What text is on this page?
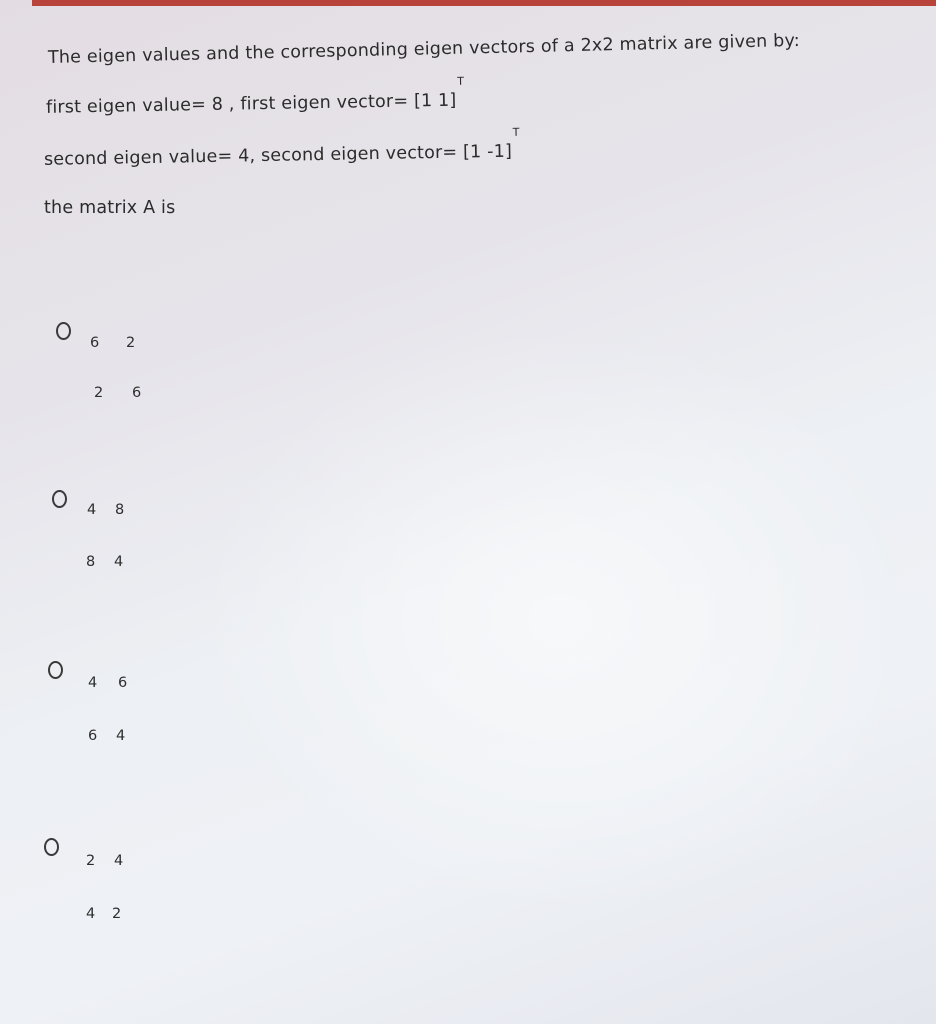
The eigen values and the corresponding eigen vectors of a 2x2 matrix are given by:
first eigen value= 8 , first eigen vector= [1 1]$^T$
second eigen value= 4, second eigen vector= [1 -1]$^T$
the matrix A is
6 2
2 6
4 8
8 4
4 6
6 4
2 4
4 2
